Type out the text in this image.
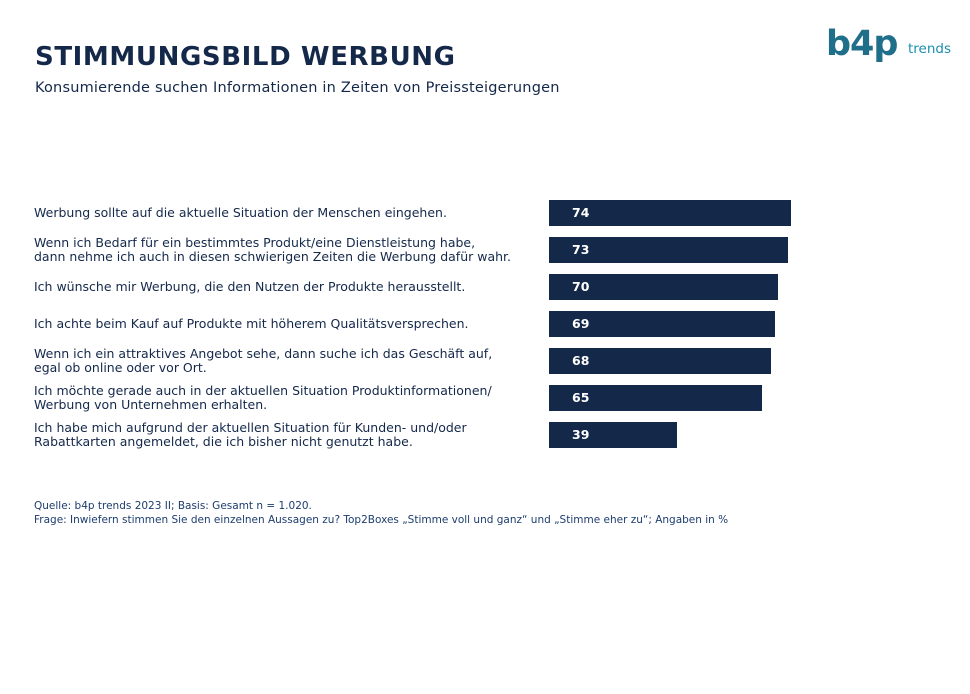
STIMMUNGSBILD WERBUNG
Konsumierende suchen Informationen in Zeiten von Preissteigerungen
b4p trends
Werbung sollte auf die aktuelle Situation der Menschen eingehen.	74
Wenn ich Bedarf für ein bestimmtes Produkt/eine Dienstleistung habe,
dann nehme ich auch in diesen schwierigen Zeiten die Werbung dafür wahr.	73
Ich wünsche mir Werbung, die den Nutzen der Produkte herausstellt.	70
Ich achte beim Kauf auf Produkte mit höherem Qualitätsversprechen.	69
Wenn ich ein attraktives Angebot sehe, dann suche ich das Geschäft auf,
egal ob online oder vor Ort.	68
Ich möchte gerade auch in der aktuellen Situation Produktinformationen/
Werbung von Unternehmen erhalten.	65
Ich habe mich aufgrund der aktuellen Situation für Kunden- und/oder
Rabattkarten angemeldet, die ich bisher nicht genutzt habe.	39
Quelle: b4p trends 2023 II; Basis: Gesamt n = 1.020.
Frage: Inwiefern stimmen Sie den einzelnen Aussagen zu? Top2Boxes „Stimme voll und ganz“ und „Stimme eher zu“; Angaben in %
